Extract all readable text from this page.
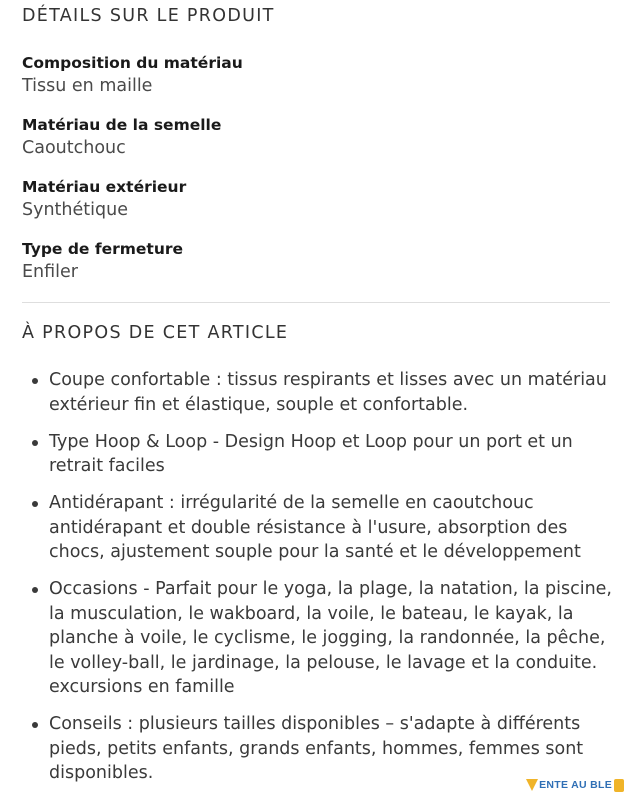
DÉTAILS SUR LE PRODUIT
Composition du matériau
Tissu en maille
Matériau de la semelle
Caoutchouc
Matériau extérieur
Synthétique
Type de fermeture
Enfiler
À PROPOS DE CET ARTICLE
Coupe confortable : tissus respirants et lisses avec un matériau extérieur fin et élastique, souple et confortable.
Type Hoop & Loop - Design Hoop et Loop pour un port et un retrait faciles
Antidérapant : irrégularité de la semelle en caoutchouc antidérapant et double résistance à l'usure, absorption des chocs, ajustement souple pour la santé et le développement
Occasions - Parfait pour le yoga, la plage, la natation, la piscine, la musculation, le wakboard, la voile, le bateau, le kayak, la planche à voile, le cyclisme, le jogging, la randonnée, la pêche, le volley-ball, le jardinage, la pelouse, le lavage et la conduite. excursions en famille
Conseils : plusieurs tailles disponibles – s'adapte à différents pieds, petits enfants, grands enfants, hommes, femmes sont disponibles.
ENTE AU BLE
